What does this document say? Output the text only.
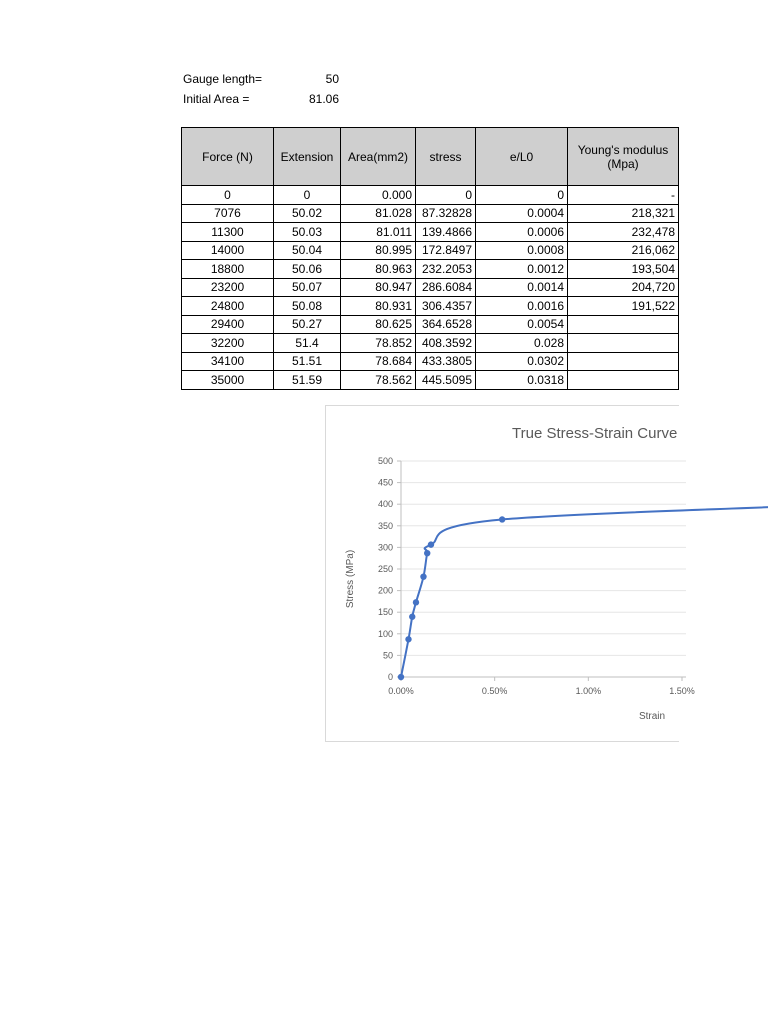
Gauge length=	50
Initial Area =	81.06
Force (N)	Extension	Area(mm2)	stress	e/L0	Young's modulus (Mpa)
0	0	0.000	0	0	-
7076	50.02	81.028	87.32828	0.0004	218,321
11300	50.03	81.011	139.4866	0.0006	232,478
14000	50.04	80.995	172.8497	0.0008	216,062
18800	50.06	80.963	232.2053	0.0012	193,504
23200	50.07	80.947	286.6084	0.0014	204,720
24800	50.08	80.931	306.4357	0.0016	191,522
29400	50.27	80.625	364.6528	0.0054	
32200	51.4	78.852	408.3592	0.028	
34100	51.51	78.684	433.3805	0.0302	
35000	51.59	78.562	445.5095	0.0318	
True Stress-Strain Curve
0
50
100
150
200
250
300
350
400
450
500
0.00%	0.50%	1.00%	1.50%
Strain
Stress (MPa)
